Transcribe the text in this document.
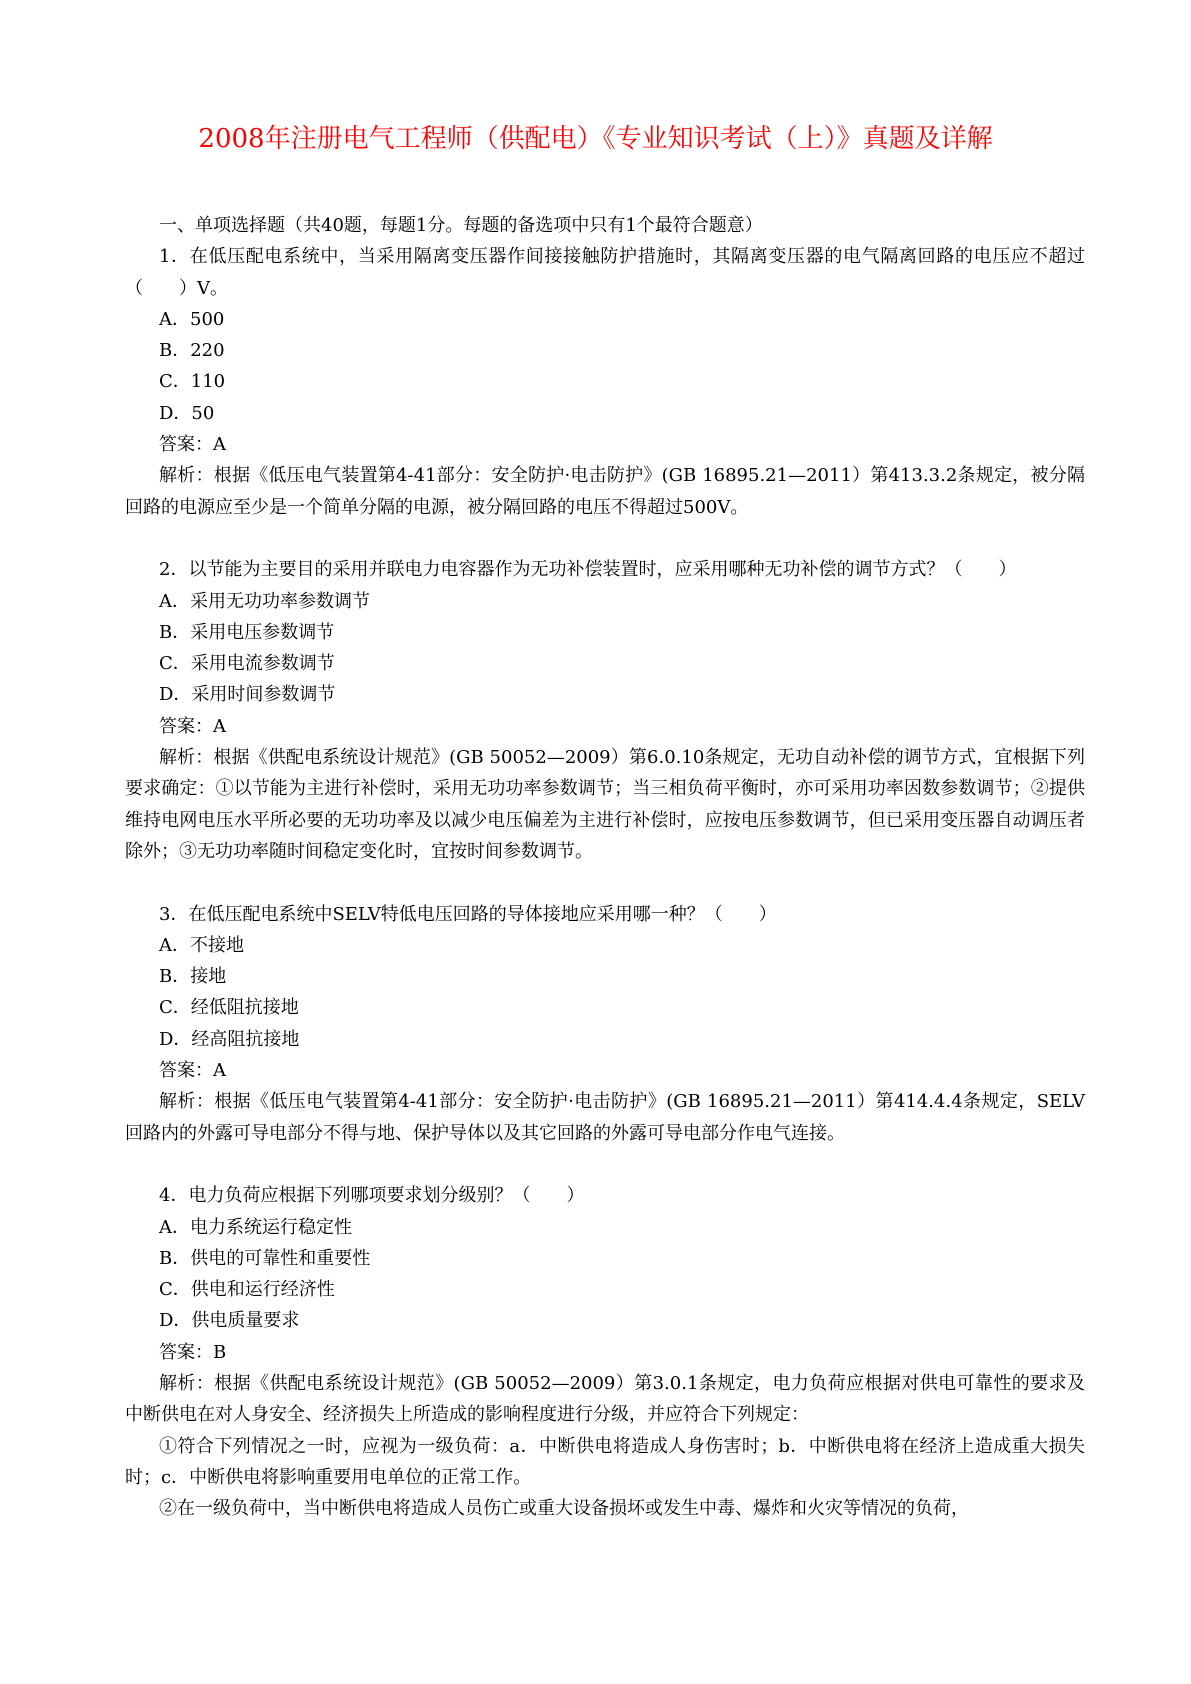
2008年注册电气工程师（供配电）《专业知识考试（上）》真题及详解

一、单项选择题（共40题，每题1分。每题的备选项中只有1个最符合题意）

1．在低压配电系统中，当采用隔离变压器作间接接触防护措施时，其隔离变压器的电气隔离回路的电压应不超过（　　）V。

A．500

B．220

C．110

D．50

答案：A

解析：根据《低压电气装置第4-41部分：安全防护·电击防护》(GB 16895.21—2011）第413.3.2条规定，被分隔回路的电源应至少是一个简单分隔的电源，被分隔回路的电压不得超过500V。

2．以节能为主要目的采用并联电力电容器作为无功补偿装置时，应采用哪种无功补偿的调节方式？（　　）

A．采用无功功率参数调节

B．采用电压参数调节

C．采用电流参数调节

D．采用时间参数调节

答案：A

解析：根据《供配电系统设计规范》(GB 50052—2009）第6.0.10条规定，无功自动补偿的调节方式，宜根据下列要求确定：①以节能为主进行补偿时，采用无功功率参数调节；当三相负荷平衡时，亦可采用功率因数参数调节；②提供维持电网电压水平所必要的无功功率及以减少电压偏差为主进行补偿时，应按电压参数调节，但已采用变压器自动调压者除外；③无功功率随时间稳定变化时，宜按时间参数调节。

3．在低压配电系统中SELV特低电压回路的导体接地应采用哪一种？（　　）

A．不接地

B．接地

C．经低阻抗接地

D．经高阻抗接地

答案：A

解析：根据《低压电气装置第4-41部分：安全防护·电击防护》(GB 16895.21—2011）第414.4.4条规定，SELV回路内的外露可导电部分不得与地、保护导体以及其它回路的外露可导电部分作电气连接。

4．电力负荷应根据下列哪项要求划分级别？（　　）

A．电力系统运行稳定性

B．供电的可靠性和重要性

C．供电和运行经济性

D．供电质量要求

答案：B

解析：根据《供配电系统设计规范》(GB 50052—2009）第3.0.1条规定，电力负荷应根据对供电可靠性的要求及中断供电在对人身安全、经济损失上所造成的影响程度进行分级，并应符合下列规定：

①符合下列情况之一时，应视为一级负荷：a．中断供电将造成人身伤害时；b．中断供电将在经济上造成重大损失时；c．中断供电将影响重要用电单位的正常工作。

②在一级负荷中，当中断供电将造成人员伤亡或重大设备损坏或发生中毒、爆炸和火灾等情况的负荷，
